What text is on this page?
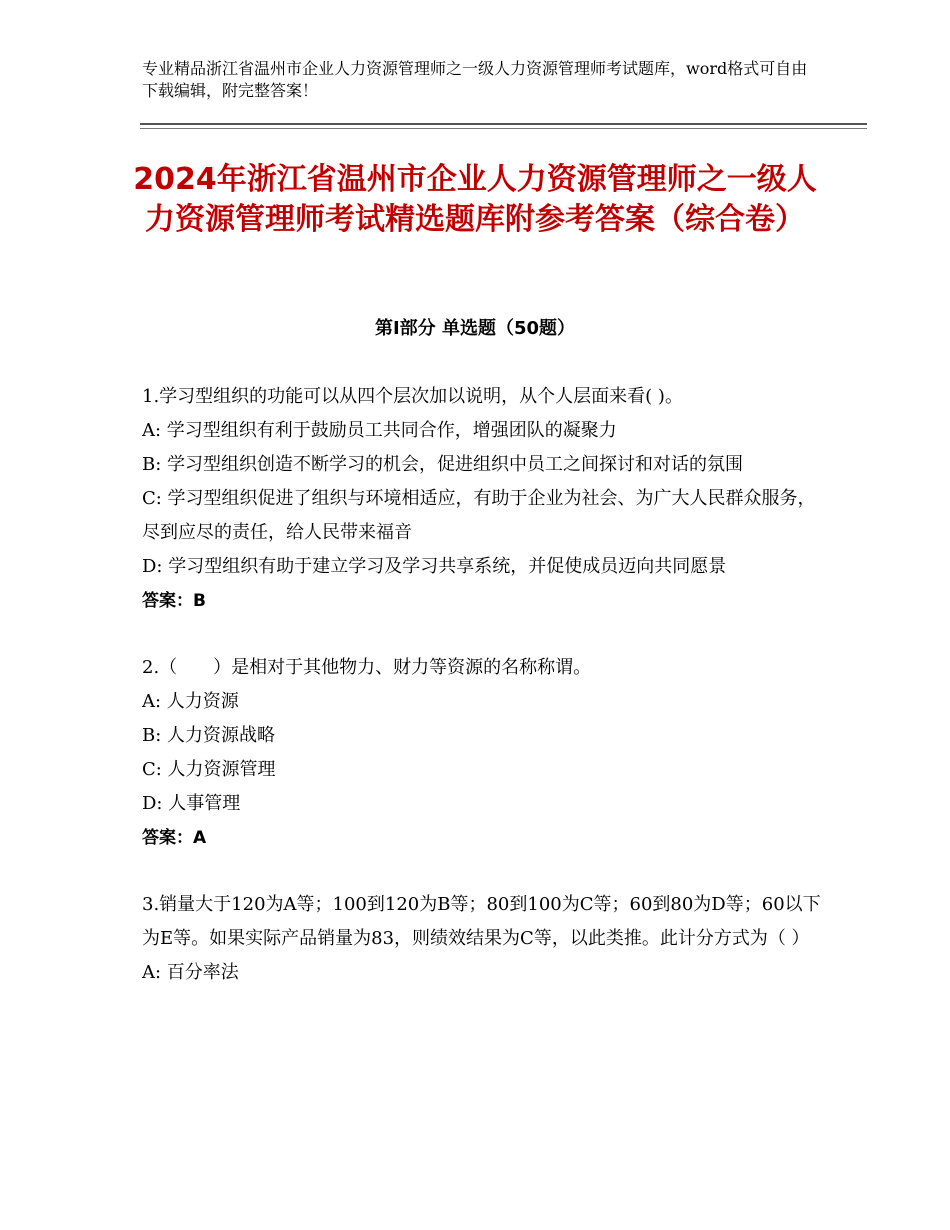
专业精品浙江省温州市企业人力资源管理师之一级人力资源管理师考试题库，word格式可自由下载编辑，附完整答案！
2024年浙江省温州市企业人力资源管理师之一级人力资源管理师考试精选题库附参考答案（综合卷）
第Ⅰ部分 单选题（50题）

1.学习型组织的功能可以从四个层次加以说明，从个人层面来看( )。

A: 学习型组织有利于鼓励员工共同合作，增强团队的凝聚力

B: 学习型组织创造不断学习的机会，促进组织中员工之间探讨和对话的氛围

C: 学习型组织促进了组织与环境相适应，有助于企业为社会、为广大人民群众服务，尽到应尽的责任，给人民带来福音

D: 学习型组织有助于建立学习及学习共享系统，并促使成员迈向共同愿景

答案：B

2.（　　）是相对于其他物力、财力等资源的名称称谓。

A: 人力资源

B: 人力资源战略

C: 人力资源管理

D: 人事管理

答案：A

3.销量大于120为A等；100到120为B等；80到100为C等；60到80为D等；60以下为E等。如果实际产品销量为83，则绩效结果为C等，以此类推。此计分方式为（ ）

A: 百分率法
